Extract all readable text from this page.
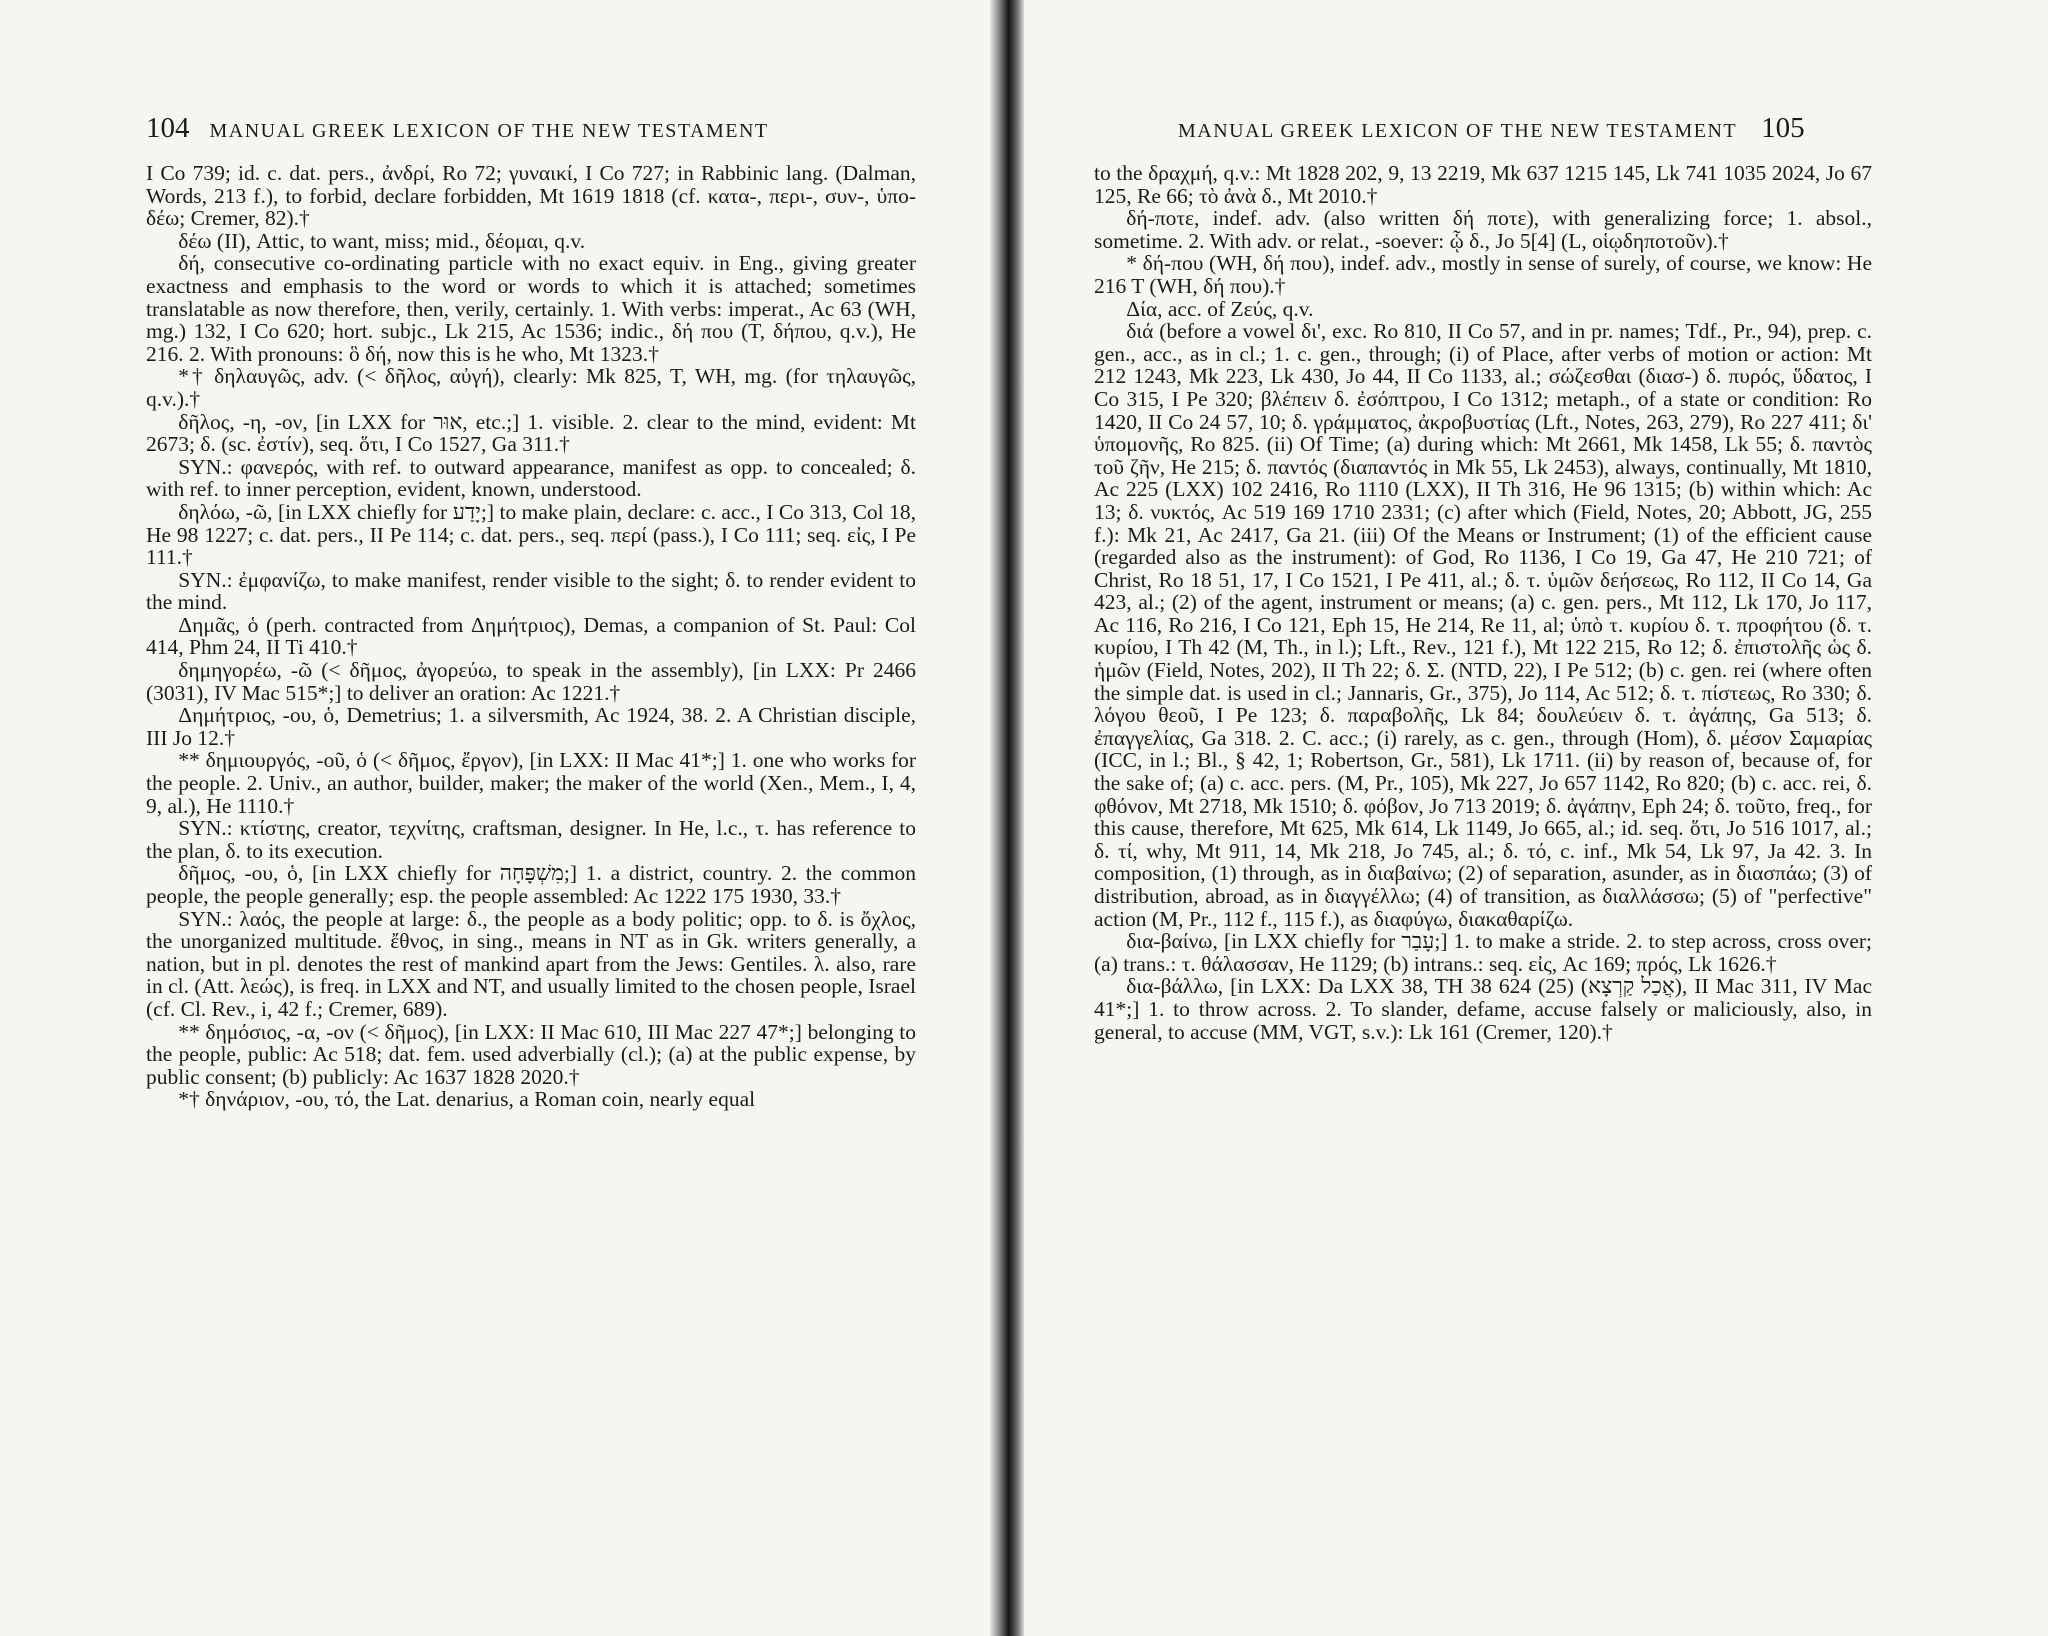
104 MANUAL GREEK LEXICON OF THE NEW TESTAMENT

I Co 739; id. c. dat. pers., ἀνδρί, Ro 72; γυναικί, I Co 727; in Rabbinic lang. (Dalman, Words, 213 f.), to forbid, declare forbidden, Mt 1619 1818 (cf. κατα-, περι-, συν-, ὑπο-δέω; Cremer, 82).†

δέω (II), Attic, to want, miss; mid., δέομαι, q.v.

δή, consecutive co-ordinating particle with no exact equiv. in Eng., giving greater exactness and emphasis to the word or words to which it is attached; sometimes translatable as now therefore, then, verily, certainly. 1. With verbs: imperat., Ac 63 (WH, mg.) 132, I Co 620; hort. subjc., Lk 215, Ac 1536; indic., δή που (T, δήπου, q.v.), He 216. 2. With pronouns: ὃ δή, now this is he who, Mt 1323.†

*† δηλαυγῶς, adv. (< δῆλος, αὐγή), clearly: Mk 825, T, WH, mg. (for τηλαυγῶς, q.v.).†

δῆλος, -η, -ον, [in LXX for אוּר, etc.;] 1. visible. 2. clear to the mind, evident: Mt 2673; δ. (sc. ἐστίν), seq. ὅτι, I Co 1527, Ga 311.†

SYN.: φανερός, with ref. to outward appearance, manifest as opp. to concealed; δ. with ref. to inner perception, evident, known, understood.

δηλόω, -ῶ, [in LXX chiefly for יָדַע;] to make plain, declare: c. acc., I Co 313, Col 18, He 98 1227; c. dat. pers., II Pe 114; c. dat. pers., seq. περί (pass.), I Co 111; seq. εἰς, I Pe 111.†

SYN.: ἐμφανίζω, to make manifest, render visible to the sight; δ. to render evident to the mind.

Δημᾶς, ὁ (perh. contracted from Δημήτριος), Demas, a companion of St. Paul: Col 414, Phm 24, II Ti 410.†

δημηγορέω, -ῶ (< δῆμος, ἀγορεύω, to speak in the assembly), [in LXX: Pr 2466 (3031), IV Mac 515*;] to deliver an oration: Ac 1221.†

Δημήτριος, -ου, ὁ, Demetrius; 1. a silversmith, Ac 1924, 38. 2. A Christian disciple, III Jo 12.†

** δημιουργός, -οῦ, ὁ (< δῆμος, ἔργον), [in LXX: II Mac 41*;] 1. one who works for the people. 2. Univ., an author, builder, maker; the maker of the world (Xen., Mem., I, 4, 9, al.), He 1110.†

SYN.: κτίστης, creator, τεχνίτης, craftsman, designer. In He, l.c., τ. has reference to the plan, δ. to its execution.

δῆμος, -ου, ὁ, [in LXX chiefly for מִשְׁפָּחָה;] 1. a district, country. 2. the common people, the people generally; esp. the people assembled: Ac 1222 175 1930, 33.†

SYN.: λαός, the people at large: δ., the people as a body politic; opp. to δ. is ὄχλος, the unorganized multitude. ἔθνος, in sing., means in NT as in Gk. writers generally, a nation, but in pl. denotes the rest of mankind apart from the Jews: Gentiles. λ. also, rare in cl. (Att. λεώς), is freq. in LXX and NT, and usually limited to the chosen people, Israel (cf. Cl. Rev., i, 42 f.; Cremer, 689).

** δημόσιος, -α, -ον (< δῆμος), [in LXX: II Mac 610, III Mac 227 47*;] belonging to the people, public: Ac 518; dat. fem. used adverbially (cl.); (a) at the public expense, by public consent; (b) publicly: Ac 1637 1828 2020.†

*† δηνάριον, -ου, τό, the Lat. denarius, a Roman coin, nearly equal

MANUAL GREEK LEXICON OF THE NEW TESTAMENT 105

to the δραχμή, q.v.: Mt 1828 202, 9, 13 2219, Mk 637 1215 145, Lk 741 1035 2024, Jo 67 125, Re 66; τὸ ἀνὰ δ., Mt 2010.†

δή-ποτε, indef. adv. (also written δή ποτε), with generalizing force; 1. absol., sometime. 2. With adv. or relat., -soever: ᾧ δ., Jo 5[4] (L, οἱῳδηποτοῦν).†

* δή-που (WH, δή που), indef. adv., mostly in sense of surely, of course, we know: He 216 T (WH, δή που).†

Δία, acc. of Ζεύς, q.v.

διά (before a vowel δι', exc. Ro 810, II Co 57, and in pr. names; Tdf., Pr., 94), prep. c. gen., acc., as in cl.; 1. c. gen., through; (i) of Place, after verbs of motion or action: Mt 212 1243, Mk 223, Lk 430, Jo 44, II Co 1133, al.; σώζεσθαι (διασ-) δ. πυρός, ὕδατος, I Co 315, I Pe 320; βλέπειν δ. ἐσόπτρου, I Co 1312; metaph., of a state or condition: Ro 1420, II Co 24 57, 10; δ. γράμματος, ἀκροβυστίας (Lft., Notes, 263, 279), Ro 227 411; δι' ὑπομονῆς, Ro 825. (ii) Of Time; (a) during which: Mt 2661, Mk 1458, Lk 55; δ. παντὸς τοῦ ζῆν, He 215; δ. παντός (διαπαντός in Mk 55, Lk 2453), always, continually, Mt 1810, Ac 225 (LXX) 102 2416, Ro 1110 (LXX), II Th 316, He 96 1315; (b) within which: Ac 13; δ. νυκτός, Ac 519 169 1710 2331; (c) after which (Field, Notes, 20; Abbott, JG, 255 f.): Mk 21, Ac 2417, Ga 21. (iii) Of the Means or Instrument; (1) of the efficient cause (regarded also as the instrument): of God, Ro 1136, I Co 19, Ga 47, He 210 721; of Christ, Ro 18 51, 17, I Co 1521, I Pe 411, al.; δ. τ. ὑμῶν δεήσεως, Ro 112, II Co 14, Ga 423, al.; (2) of the agent, instrument or means; (a) c. gen. pers., Mt 112, Lk 170, Jo 117, Ac 116, Ro 216, I Co 121, Eph 15, He 214, Re 11, al; ὑπὸ τ. κυρίου δ. τ. προφήτου (δ. τ. κυρίου, I Th 42 (M, Th., in l.); Lft., Rev., 121 f.), Mt 122 215, Ro 12; δ. ἐπιστολῆς ὡς δ. ἡμῶν (Field, Notes, 202), II Th 22; δ. Σ. (NTD, 22), I Pe 512; (b) c. gen. rei (where often the simple dat. is used in cl.; Jannaris, Gr., 375), Jo 114, Ac 512; δ. τ. πίστεως, Ro 330; δ. λόγου θεοῦ, I Pe 123; δ. παραβολῆς, Lk 84; δουλεύειν δ. τ. ἀγάπης, Ga 513; δ. ἐπαγγελίας, Ga 318. 2. C. acc.; (i) rarely, as c. gen., through (Hom), δ. μέσον Σαμαρίας (ICC, in l.; Bl., § 42, 1; Robertson, Gr., 581), Lk 1711. (ii) by reason of, because of, for the sake of; (a) c. acc. pers. (M, Pr., 105), Mk 227, Jo 657 1142, Ro 820; (b) c. acc. rei, δ. φθόνον, Mt 2718, Mk 1510; δ. φόβον, Jo 713 2019; δ. ἀγάπην, Eph 24; δ. τοῦτο, freq., for this cause, therefore, Mt 625, Mk 614, Lk 1149, Jo 665, al.; id. seq. ὅτι, Jo 516 1017, al.; δ. τί, why, Mt 911, 14, Mk 218, Jo 745, al.; δ. τό, c. inf., Mk 54, Lk 97, Ja 42. 3. In composition, (1) through, as in διαβαίνω; (2) of separation, asunder, as in διασπάω; (3) of distribution, abroad, as in διαγγέλλω; (4) of transition, as διαλλάσσω; (5) of "perfective" action (M, Pr., 112 f., 115 f.), as διαφύγω, διακαθαρίζω.

δια-βαίνω, [in LXX chiefly for עָבַר;] 1. to make a stride. 2. to step across, cross over; (a) trans.: τ. θάλασσαν, He 1129; (b) intrans.: seq. εἰς, Ac 169; πρός, Lk 1626.†

δια-βάλλω, [in LXX: Da LXX 38, TH 38 624 (25) (אֲכַל קַרְצָא), II Mac 311, IV Mac 41*;] 1. to throw across. 2. To slander, defame, accuse falsely or maliciously, also, in general, to accuse (MM, VGT, s.v.): Lk 161 (Cremer, 120).†
